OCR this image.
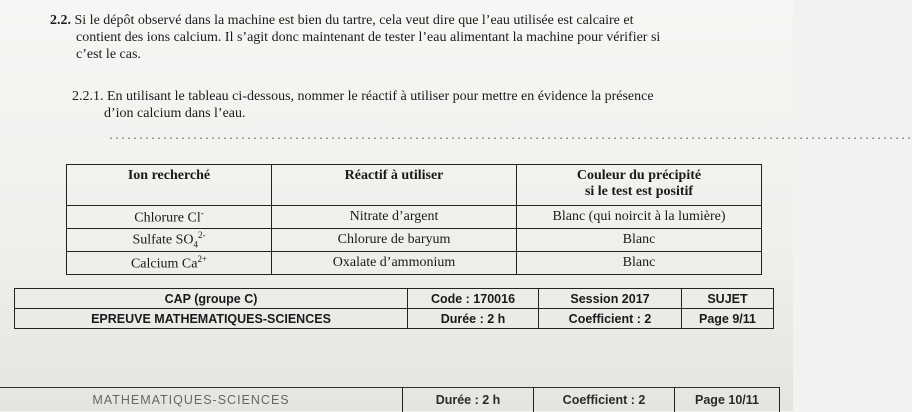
2.2. Si le dépôt observé dans la machine est bien du tartre, cela veut dire que l’eau utilisée est calcaire et
contient des ions calcium. Il s’agit donc maintenant de tester l’eau alimentant la machine pour vérifier si
c’est le cas.
2.2.1. En utilisant le tableau ci-dessous, nommer le réactif à utiliser pour mettre en évidence la présence
d’ion calcium dans l’eau.
......................................................................................................................................
Ion recherché	Réactif à utiliser	Couleur du précipité
si le test est positif

Chlorure Cl-	Nitrate d’argent	Blanc (qui noircit à la lumière)
Sulfate $SO_4^{2-}$	Chlorure de baryum	Blanc
Calcium $Ca^{2+}$	Oxalate d’ammonium	Blanc
CAP (groupe C)	Code : 170016	Session 2017	SUJET
EPREUVE MATHEMATIQUES-SCIENCES	Durée : 2 h	Coefficient : 2	Page 9/11
MATHEMATIQUES-SCIENCES	Durée : 2 h	Coefficient : 2	Page 10/11
